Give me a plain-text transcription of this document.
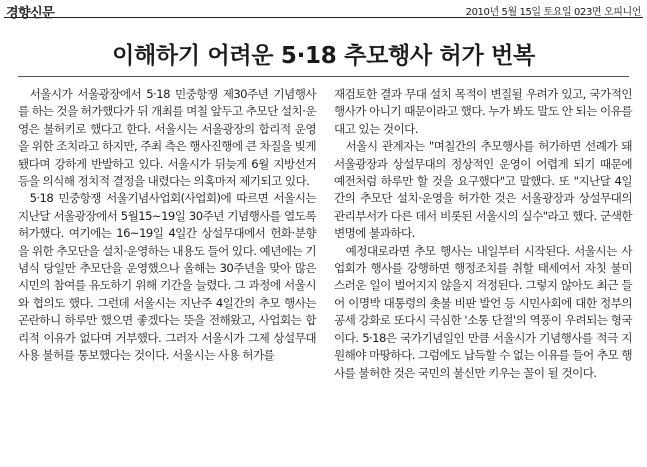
경향신문	2010년 5월 15일 토요일 023면 오피니언
이해하기 어려운 5·18 추모행사 허가 번복

서울시가 서울광장에서 5·18 민중항쟁 제30주년 기념행사를 하는 것을 허가했다가 뒤 개최를 며칠 앞두고 추모단 설치·운영은 불허키로 했다고 한다. 서울시는 서울광장의 합리적 운영을 위한 조치라고 하지만, 주최 측은 행사진행에 큰 차질을 빚게 됐다며 강하게 반발하고 있다. 서울시가 뒤늦게 6월 지방선거 등을 의식해 정치적 결정을 내렸다는 의혹마저 제기되고 있다.

5·18 민중항쟁 서울기념사업회(사업회)에 따르면 서울시는 지난달 서울광장에서 5월15~19일 30주년 기념행사를 열도록 허가했다. 여기에는 16~19일 4일간 상설무대에서 헌화·분향을 위한 추모단을 설치·운영하는 내용도 들어 있다. 예년에는 기념식 당일만 추모단을 운영했으나 올해는 30주년을 맞아 많은 시민의 참여를 유도하기 위해 기간을 늘렸다. 그 과정에 서울시와 협의도 했다. 그런데 서울시는 지난주 4일간의 추모 행사는 곤란하니 하루만 했으면 좋겠다는 뜻을 전해왔고, 사업회는 합리적 이유가 없다며 거부했다. 그러자 서울시가 그제 상설무대 사용 불허를 통보했다는 것이다. 서울시는 사용 허가를

재검토한 결과 무대 설치 목적이 변질될 우려가 있고, 국가적인 행사가 아니기 때문이라고 했다. 누가 봐도 말도 안 되는 이유를 대고 있는 것이다.

서울시 관계자는 "며칠간의 추모행사를 허가하면 선례가 돼 서울광장과 상설무대의 정상적인 운영이 어렵게 되기 때문에 예전처럼 하루만 할 것을 요구했다"고 말했다. 또 "지난달 4일간의 추모단 설치·운영을 허가한 것은 서울광장과 상설무대의 관리부서가 다른 데서 비롯된 서울시의 실수"라고 했다. 군색한 변명에 불과하다.

예정대로라면 추모 행사는 내일부터 시작된다. 서울시는 사업회가 행사를 강행하면 행정조치를 취할 태세여서 자칫 불미스러운 일이 벌어지지 않을지 걱정된다. 그렇지 않아도 최근 들어 이명박 대통령의 촛불 비판 발언 등 시민사회에 대한 정부의 공세 강화로 또다시 극심한 '소통 단절'의 역풍이 우려되는 형국이다. 5·18은 국가기념일인 만큼 서울시가 기념행사를 적극 지원해야 마땅하다. 그럼에도 납득할 수 없는 이유를 들어 추모 행사를 불허한 것은 국민의 불신만 키우는 꼴이 될 것이다.
